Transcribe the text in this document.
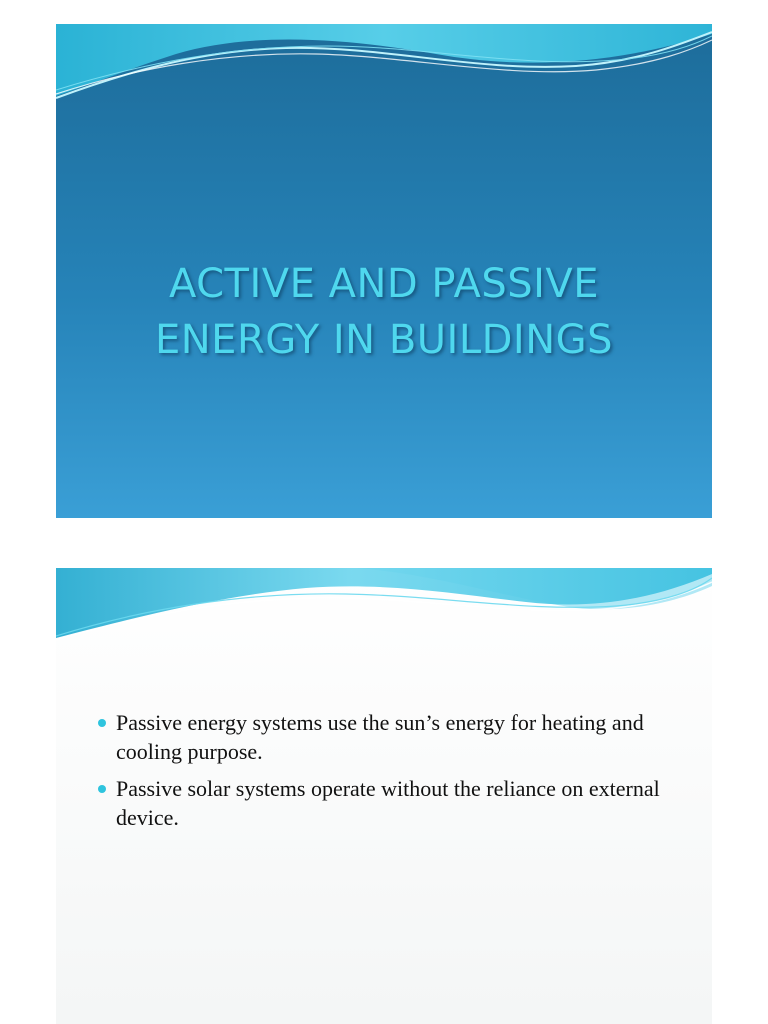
ACTIVE AND PASSIVE
ENERGY IN BUILDINGS
Passive energy systems use the sun’s energy for heating and cooling purpose.
Passive solar systems operate without the reliance on external device.
